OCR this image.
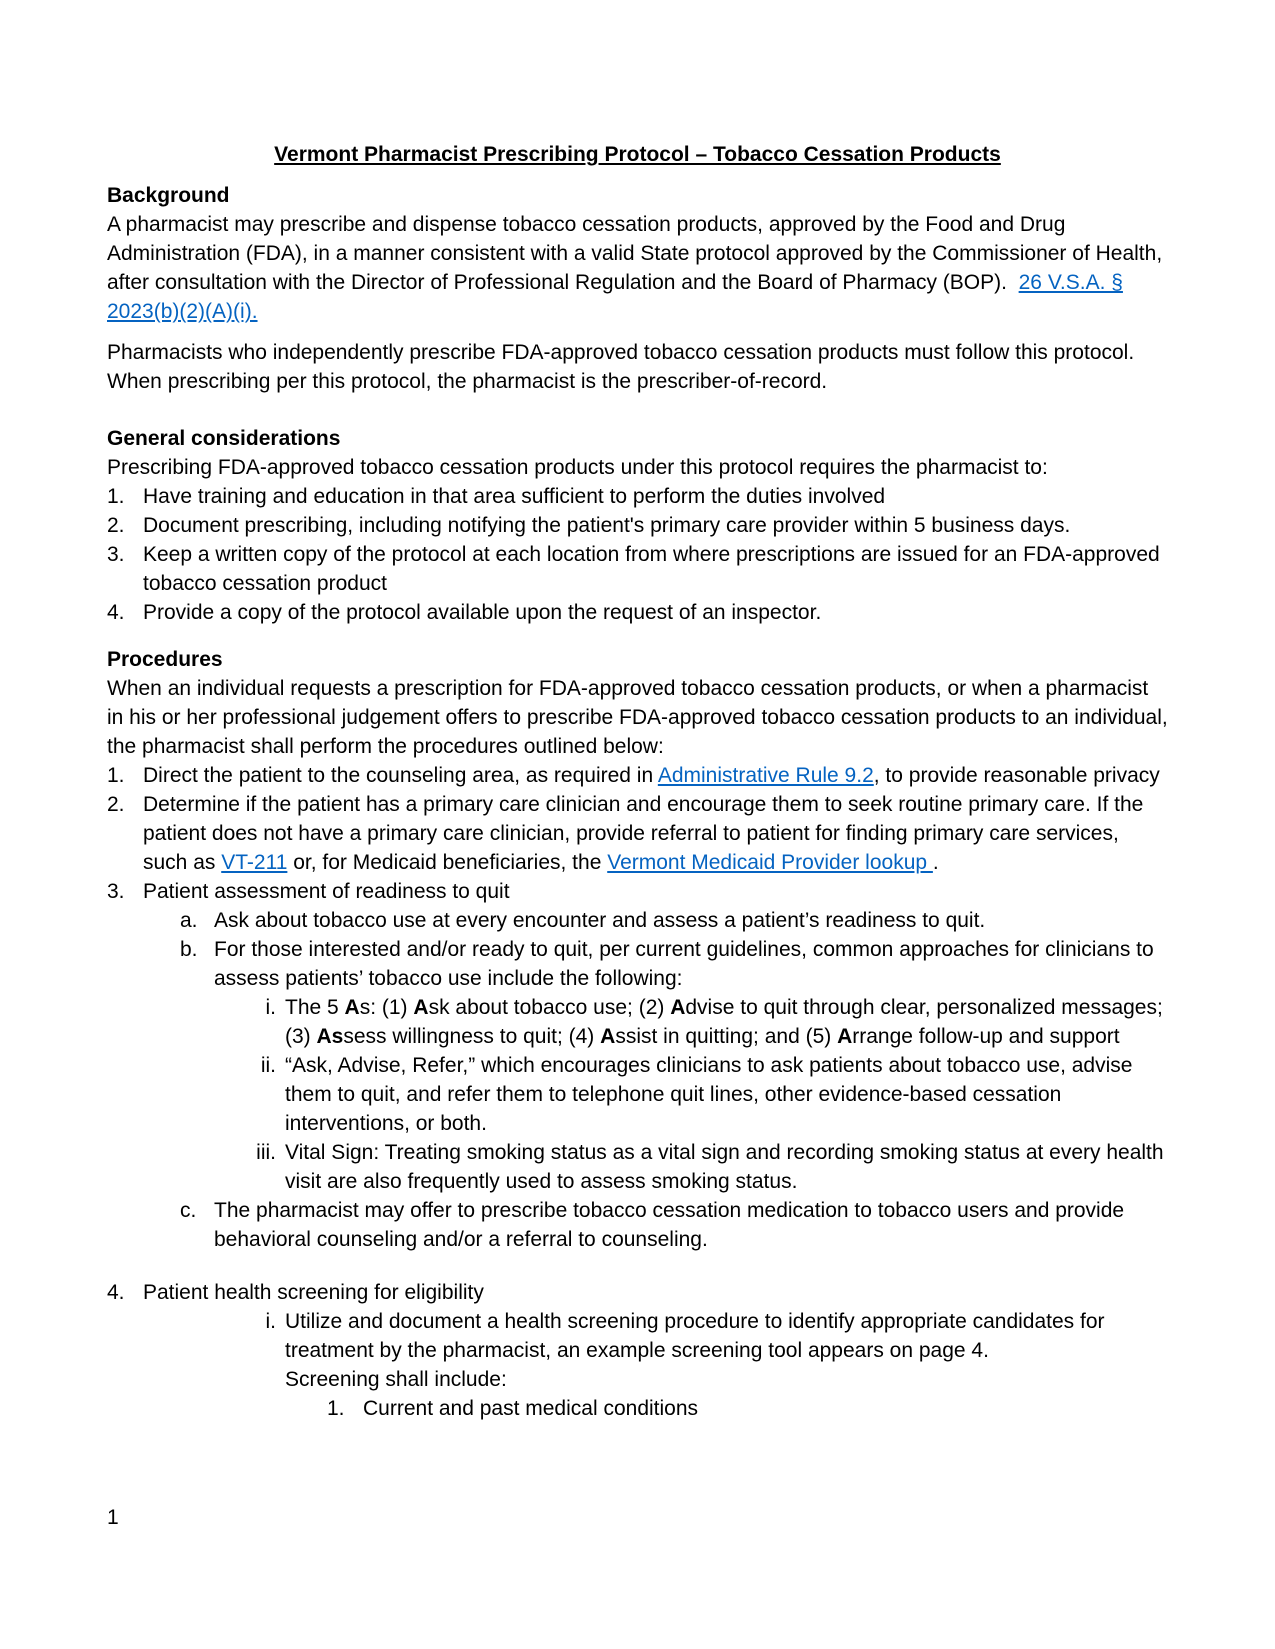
Vermont Pharmacist Prescribing Protocol – Tobacco Cessation Products
Background

A pharmacist may prescribe and dispense tobacco cessation products, approved by the Food and Drug Administration (FDA), in a manner consistent with a valid State protocol approved by the Commissioner of Health, after consultation with the Director of Professional Regulation and the Board of Pharmacy (BOP).  26 V.S.A. § 2023(b)(2)(A)(i).

Pharmacists who independently prescribe FDA-approved tobacco cessation products must follow this protocol. When prescribing per this protocol, the pharmacist is the prescriber-of-record.

General considerations

Prescribing FDA-approved tobacco cessation products under this protocol requires the pharmacist to:

1. Have training and education in that area sufficient to perform the duties involved
2. Document prescribing, including notifying the patient's primary care provider within 5 business days.
3. Keep a written copy of the protocol at each location from where prescriptions are issued for an FDA-approved tobacco cessation product
4. Provide a copy of the protocol available upon the request of an inspector.
Procedures

When an individual requests a prescription for FDA-approved tobacco cessation products, or when a pharmacist in his or her professional judgement offers to prescribe FDA-approved tobacco cessation products to an individual, the pharmacist shall perform the procedures outlined below:

1. Direct the patient to the counseling area, as required in Administrative Rule 9.2, to provide reasonable privacy
2. Determine if the patient has a primary care clinician and encourage them to seek routine primary care. If the patient does not have a primary care clinician, provide referral to patient for finding primary care services, such as VT-211 or, for Medicaid beneficiaries, the Vermont Medicaid Provider lookup .
3. Patient assessment of readiness to quit
a. Ask about tobacco use at every encounter and assess a patient’s readiness to quit.
b. For those interested and/or ready to quit, per current guidelines, common approaches for clinicians to assess patients’ tobacco use include the following:
i. The 5 As: (1) Ask about tobacco use; (2) Advise to quit through clear, personalized messages; (3) Assess willingness to quit; (4) Assist in quitting; and (5) Arrange follow-up and support
ii. “Ask, Advise, Refer,” which encourages clinicians to ask patients about tobacco use, advise them to quit, and refer them to telephone quit lines, other evidence-based cessation interventions, or both.
iii. Vital Sign: Treating smoking status as a vital sign and recording smoking status at every health visit are also frequently used to assess smoking status.
c. The pharmacist may offer to prescribe tobacco cessation medication to tobacco users and provide behavioral counseling and/or a referral to counseling.
4. Patient health screening for eligibility
i. Utilize and document a health screening procedure to identify appropriate candidates for treatment by the pharmacist, an example screening tool appears on page 4.
Screening shall include:
1. Current and past medical conditions
1
